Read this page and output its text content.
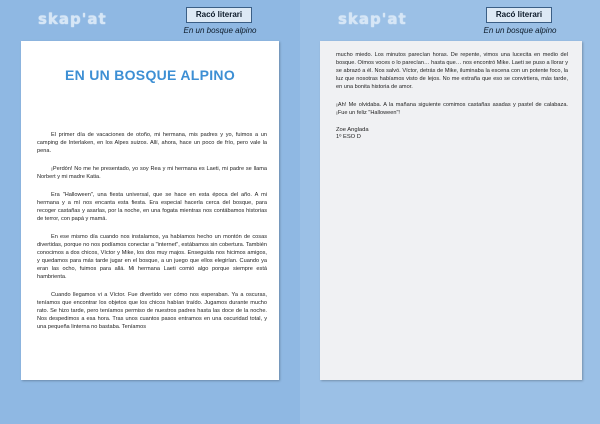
skap'at	Racó literari
En un bosque alpino
EN UN BOSQUE ALPINO

El primer día de vacaciones de otoño, mi hermana, mis padres y yo, fuimos a un camping de Interlaken, en los Alpes suizos. Allí, ahora, hace un poco de frío, pero vale la pena.

¡Perdón! No me he presentado, yo soy Rea y mi hermana es Laeti, mi padre se llama Norbert y mi madre Katia.

Era "Halloween", una fiesta universal, que se hace en esta época del año. A mi hermana y a mí nos encanta esta fiesta. Era especial hacerla cerca del bosque, para recoger castañas y asarlas, por la noche, en una fogata mientras nos contábamos historias de terror, con papá y mamá.

En ese mismo día cuando nos instalamos, ya habíamos hecho un montón de cosas divertidas, porque no nos podíamos conectar a "internet", estábamos sin cobertura. También conocimos a dos chicos, Víctor y Mike, los dos muy majos. Enseguida nos hicimos amigos, y quedamos para más tarde jugar en el bosque, a un juego que ellos elegirían. Cuando ya eran las ocho, fuimos para allá. Mi hermana Laeti comió algo porque siempre está hambrienta.

Cuando llegamos vi a Víctor. Fue divertido ver cómo nos esperaban. Ya a oscuras, teníamos que encontrar los objetos que los chicos habían traído. Jugamos durante mucho rato. Se hizo tarde, pero teníamos permiso de nuestros padres hasta las doce de la noche. Nos despedimos a esa hora. Tras unos cuantos pasos entramos en una oscuridad total, y una pequeña linterna no bastaba. Teníamos

skap'at	Racó literari
En un bosque alpino

mucho miedo. Los minutos parecían horas. De repente, vimos una lucecita en medio del bosque. Oímos voces o lo parecían… hasta que… nos encontró Mike. Laeti se puso a llorar y se abrazó a él. Nos salvó. Víctor, detrás de Mike, iluminaba la escena con un potente foco, la luz que nosotras habíamos visto de lejos. No me extraña que eso se convirtiera, más tarde, en una bonita historia de amor.

¡Ah! Me olvidaba. A la mañana siguiente comimos castañas asadas y pastel de calabaza. ¡Fue un feliz "Halloween"!

Zoe Anglada
1º ESO D
